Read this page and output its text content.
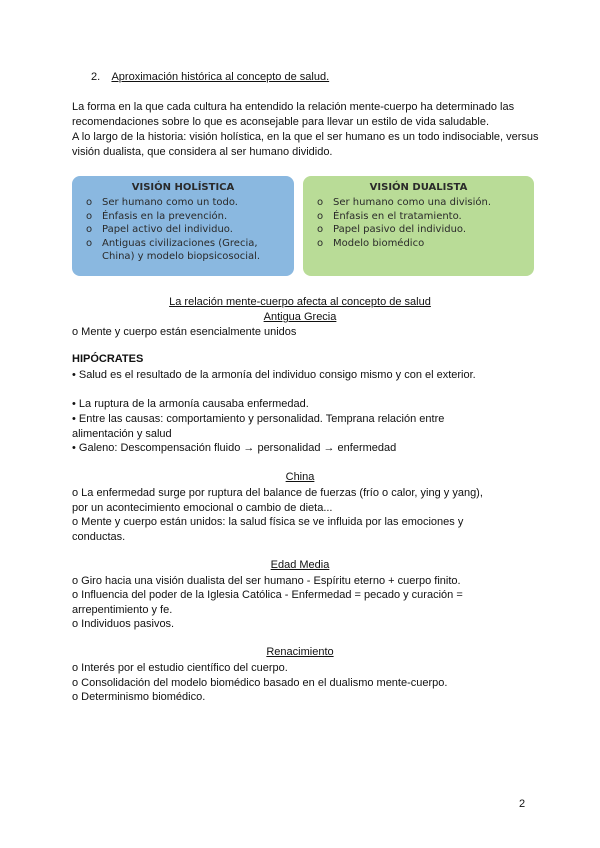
2. Aproximación histórica al concepto de salud.
La forma en la que cada cultura ha entendido la relación mente-cuerpo ha determinado las recomendaciones sobre lo que es aconsejable para llevar un estilo de vida saludable.
A lo largo de la historia: visión holística, en la que el ser humano es un todo indisociable, versus visión dualista, que considera al ser humano dividido.
VISIÓN HOLÍSTICA
o Ser humano como un todo.
o Énfasis en la prevención.
o Papel activo del individuo.
o Antiguas civilizaciones (Grecia, China) y modelo biopsicosocial.
VISIÓN DUALISTA
o Ser humano como una división.
o Énfasis en el tratamiento.
o Papel pasivo del individuo.
o Modelo biomédico
La relación mente-cuerpo afecta al concepto de salud
Antigua Grecia
o Mente y cuerpo están esencialmente unidos
HIPÓCRATES
• Salud es el resultado de la armonía del individuo consigo mismo y con el exterior.
• La ruptura de la armonía causaba enfermedad.
• Entre las causas: comportamiento y personalidad. Temprana relación entre alimentación y salud
• Galeno: Descompensación fluido → personalidad → enfermedad
China
o La enfermedad surge por ruptura del balance de fuerzas (frío o calor, ying y yang), por un acontecimiento emocional o cambio de dieta...
o Mente y cuerpo están unidos: la salud física se ve influida por las emociones y conductas.
Edad Media
o Giro hacia una visión dualista del ser humano - Espíritu eterno + cuerpo finito.
o Influencia del poder de la Iglesia Católica - Enfermedad = pecado y curación = arrepentimiento y fe.
o Individuos pasivos.
Renacimiento
o Interés por el estudio científico del cuerpo.
o Consolidación del modelo biomédico basado en el dualismo mente-cuerpo.
o Determinismo biomédico.
2
